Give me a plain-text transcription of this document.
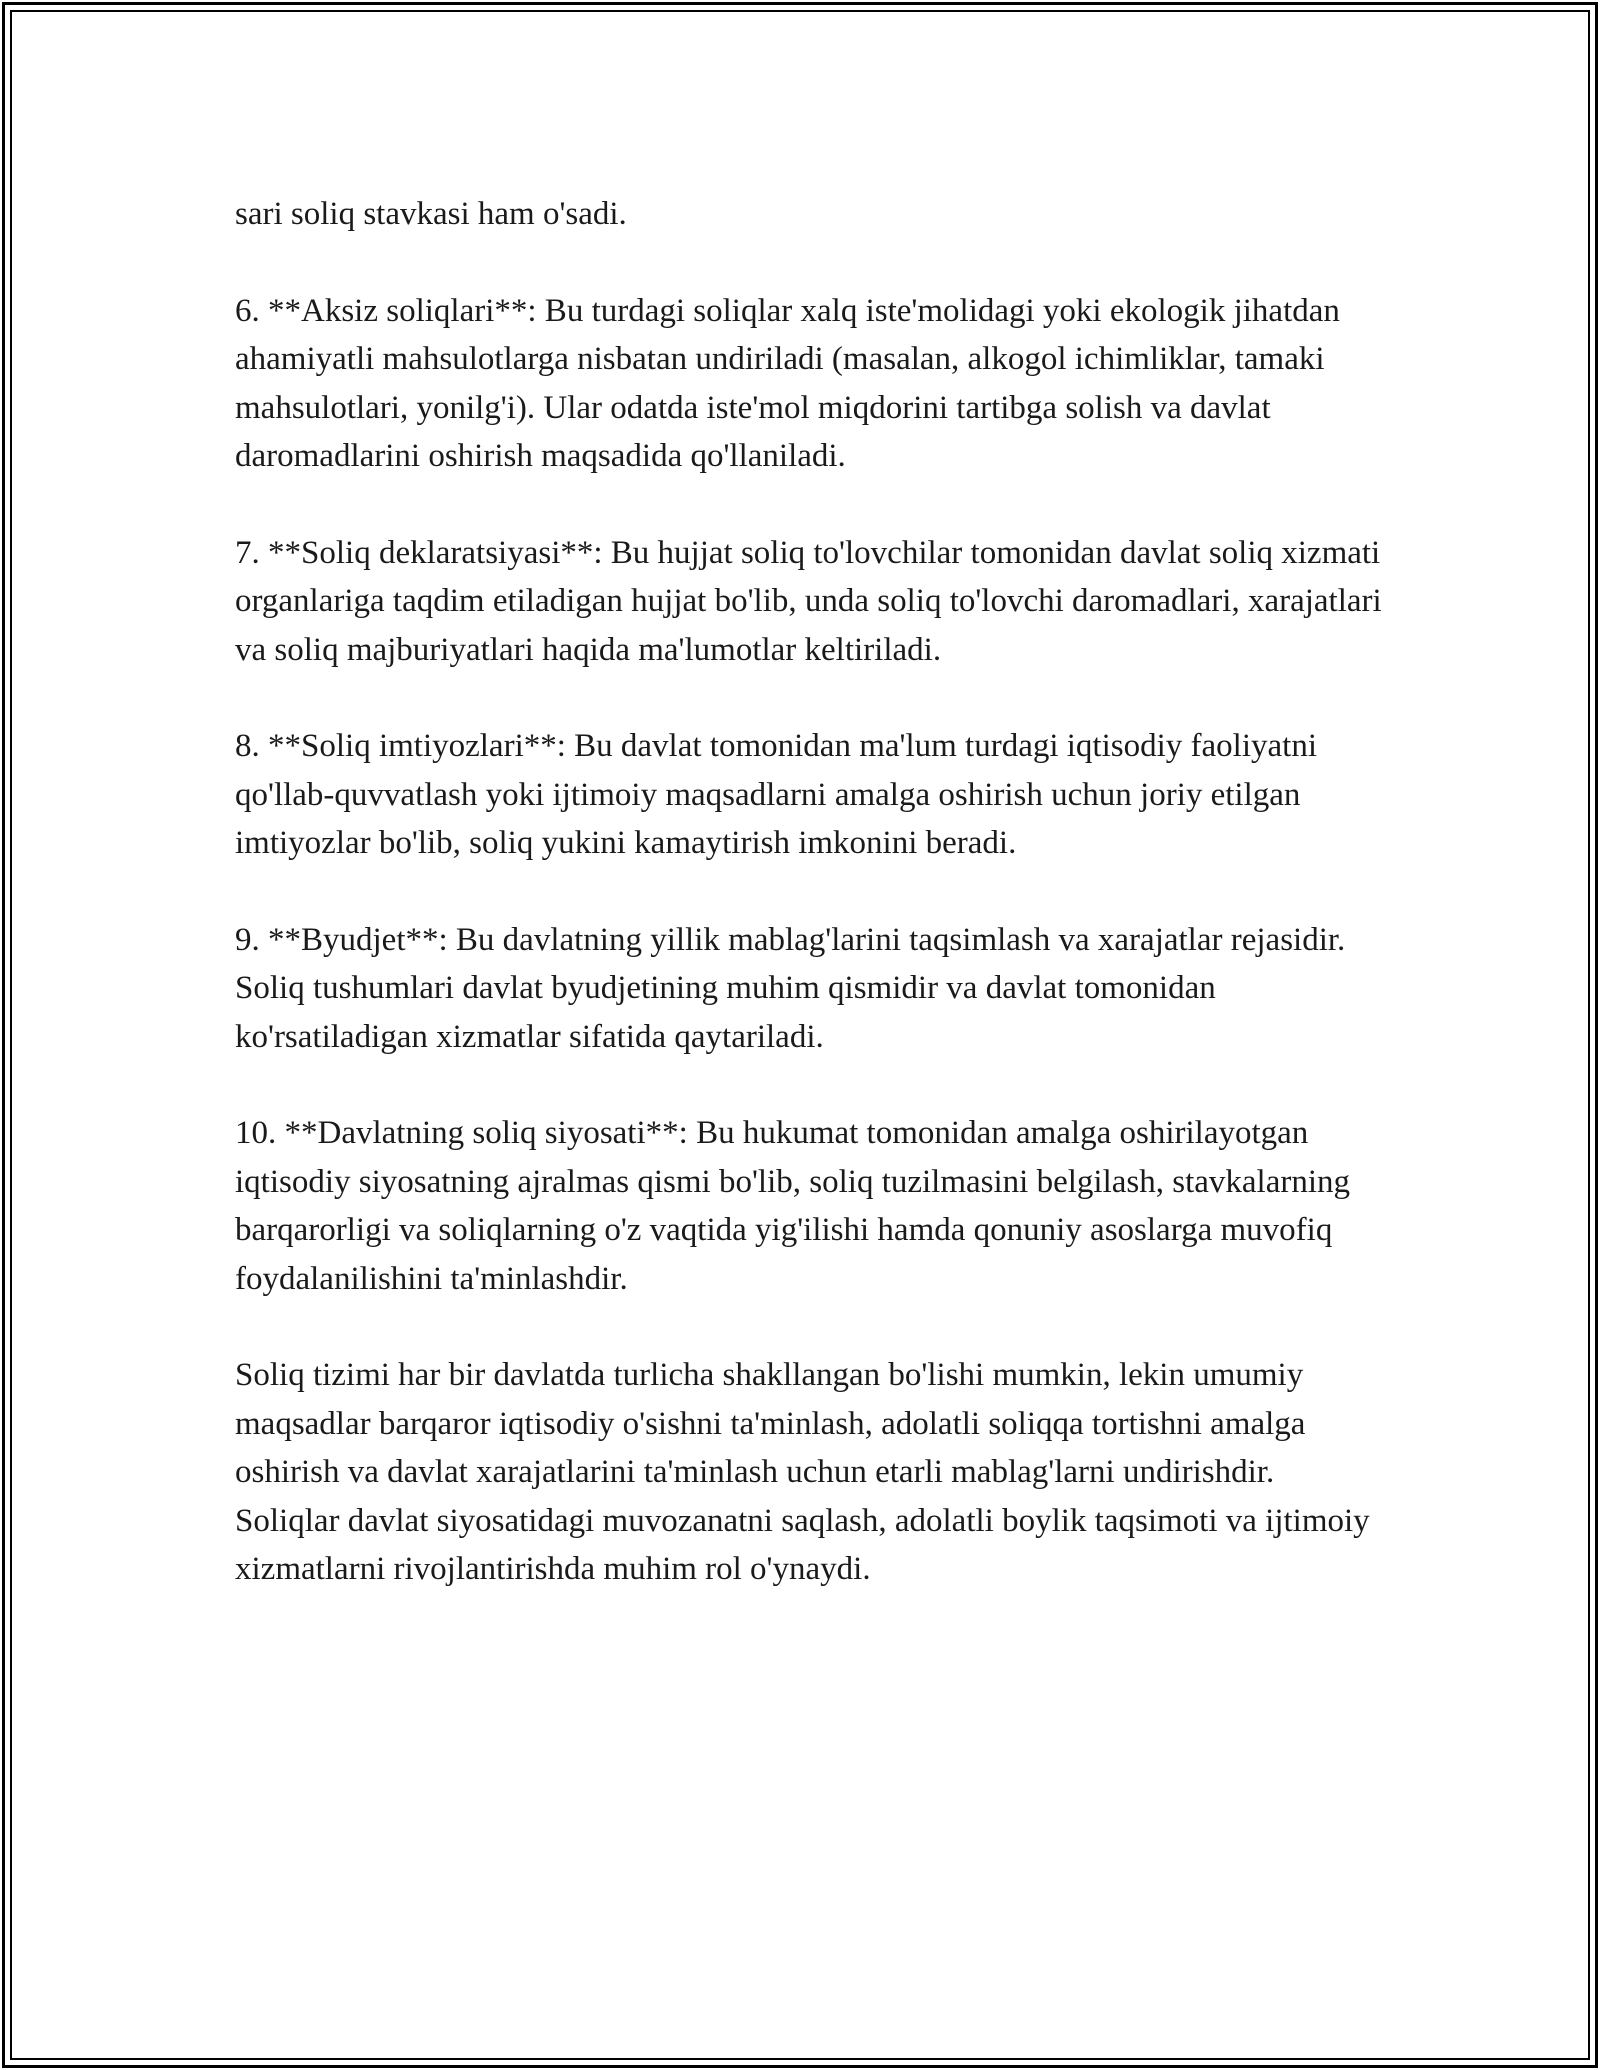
sari soliq stavkasi ham o'sadi.

6. **Aksiz soliqlari**: Bu turdagi soliqlar xalq iste'molidagi yoki ekologik jihatdan ahamiyatli mahsulotlarga nisbatan undiriladi (masalan, alkogol ichimliklar, tamaki mahsulotlari, yonilg'i). Ular odatda iste'mol miqdorini tartibga solish va davlat daromadlarini oshirish maqsadida qo'llaniladi.

7. **Soliq deklaratsiyasi**: Bu hujjat soliq to'lovchilar tomonidan davlat soliq xizmati organlariga taqdim etiladigan hujjat bo'lib, unda soliq to'lovchi daromadlari, xarajatlari va soliq majburiyatlari haqida ma'lumotlar keltiriladi.

8. **Soliq imtiyozlari**: Bu davlat tomonidan ma'lum turdagi iqtisodiy faoliyatni qo'llab-quvvatlash yoki ijtimoiy maqsadlarni amalga oshirish uchun joriy etilgan imtiyozlar bo'lib, soliq yukini kamaytirish imkonini beradi.

9. **Byudjet**: Bu davlatning yillik mablag'larini taqsimlash va xarajatlar rejasidir. Soliq tushumlari davlat byudjetining muhim qismidir va davlat tomonidan ko'rsatiladigan xizmatlar sifatida qaytariladi.

10. **Davlatning soliq siyosati**: Bu hukumat tomonidan amalga oshirilayotgan iqtisodiy siyosatning ajralmas qismi bo'lib, soliq tuzilmasini belgilash, stavkalarning barqarorligi va soliqlarning o'z vaqtida yig'ilishi hamda qonuniy asoslarga muvofiq foydalanilishini ta'minlashdir.

Soliq tizimi har bir davlatda turlicha shakllangan bo'lishi mumkin, lekin umumiy maqsadlar barqaror iqtisodiy o'sishni ta'minlash, adolatli soliqqa tortishni amalga oshirish va davlat xarajatlarini ta'minlash uchun etarli mablag'larni undirishdir. Soliqlar davlat siyosatidagi muvozanatni saqlash, adolatli boylik taqsimoti va ijtimoiy xizmatlarni rivojlantirishda muhim rol o'ynaydi.
